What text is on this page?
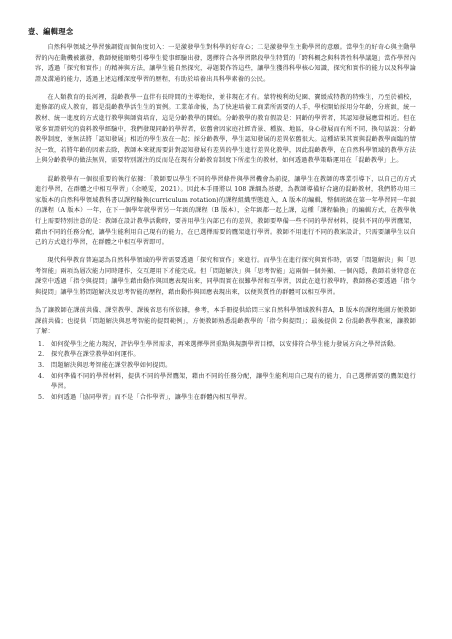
壹、編輯理念

自然科學領域之學習強調從而個角度切入：一是激發學生對科學的好奇心；二是激發學生主動學習的意願。當學生的好奇心與主動學習的內在動機被激發，教師便能順勢引導學生從事經驗出發，選擇符合各學習階段學生特質的「跨科概念與科普性科學議題」當作學習內容，透過「探究和實作」的精神與方法，讓學生能自然探究，尋題製作答這些，讓學生獲得科學核心知識，探究和實作的能力以及科學論證及溝通的能力，透過上述這種深度學習的歷程，有助於培養出具科學素養的公民。

在人類教育的長河裡，混齡教學一直伴有長時間的主導地位，並非現在才有。蒙特梭利幼兒園、寶緩成特教的特殊生，乃至於補校，進修部的成人教育，都是混齡教學活生生的實例。工業革命後，為了快速培養工商業所需要的人手，學校開始採用分年齡，分班級，統一教材、統一進度的方式進行教學與師資培育，這是分齡教學的開始。分齡教學的教育假設是：同齡的學習者，其認知發展應當相近。但在眾多實證研究的資料教學經驗中，我們發現同齡的學習者，依舊會因家庭社經背景、種族、地區，身心發展而有所不同，換句話說：分齡教學制度，並無法將「認知發展」相近的學生放在一起；採分齡教學，學生認知發展的差異依舊很大。這種結果其實與混齡教學面臨的情況一致，若將年齡的因素去除，教師本來就需要針對認知發展有差異的學生進行差異化教學，因此混齡教學，在自然科學領域的教學方法上與分齡教學的做法無異，需要特別謹注的反而是在現有分齡教育制度下所產生的教材，如何透過教學策略運用在「混齡教學」上。

混齡教學有一個很重要的執行依據：「教師要以學生不同的學習條件與學習機會為前提，讓學生在教師的專業引導下，以自己的方式進行學習，在群體之中相互學習」（余曉雯，2021）。因此本手冊將以 108 課綱為基礎，為教師導備好合適的混齡教材，我們將功用三家版本的自然科學領域教科書以課程輪換(curriculum rotation)的課程組織型態進入，A 版本的編輯，整個班級在第一年學習同一年級的課程（A 版本）一年，在下一個學年就學習另一年級的課程（B 版本），全年級都一起上課，這種「課程輪換」的編輯方式，在教學執行上需要特別注意的是：教師在設計教學活動時，要善用學生內部已有的差異，教師要準備一些不同的學習材料，提供不同的學習鷹架，藉由不同的任務分配，讓學生能利用自己現有的能力，在已選擇需要的鷹架進行學習。教師不用進行不同的教案設計，只需要讓學生以自己的方式進行學習，在群體之中相互學習即可。

現代科學教育普遍認為自然科學領域的學習需要透過「探究和實作」來進行。而學生在進行探究與實作時，需要「問題解決」與「思考智能」兩項為層次能力同時運作，交互運用下才能完成。但「問題解決」與「思考智能」這兩個一個外顯、一個內隱，教師若並特意在課堂中透過「指令與提問」讓學生藉由動作與回應表現出來，同學間實在很難學習和互學習，因此在進行教學時，教師務必要透過「指令與提問」讓學生將問題解決及思考智能的歷程，藉由動作與回應表現出來，以便異質性的群體可以相互學習。

為了讓教師在課前共備、課堂教學、課後省思有所依據，參考，本手冊提供給問三家自然科學領域教科書A，B 版本的課程地圖方便教師課前共備；也提供「問題解決與思考智能的提問範例」，方便教師熟悉混齡教學的「指令與提問」；最後提供 2 份混齡教學教案，讓教師了解：

1.	如何從學生之能力現況，評估學生學習需求，再來選擇學習重點與規劃學習目標，以安排符合學生能力發展方向之學習活動。
2.	探究教學在課堂教學如何運作。
3.	問題解決與思考智能在課堂教學如何提問。
4.	如何準備不同的學習材料，提供不同的學習鷹架，藉由不同的任務分配，讓學生能利用自己現有的能力，自己選擇需要的鷹架進行學習。
5.	如何透過「協同學習」而不是「合作學習」，讓學生在群體內相互學習。
